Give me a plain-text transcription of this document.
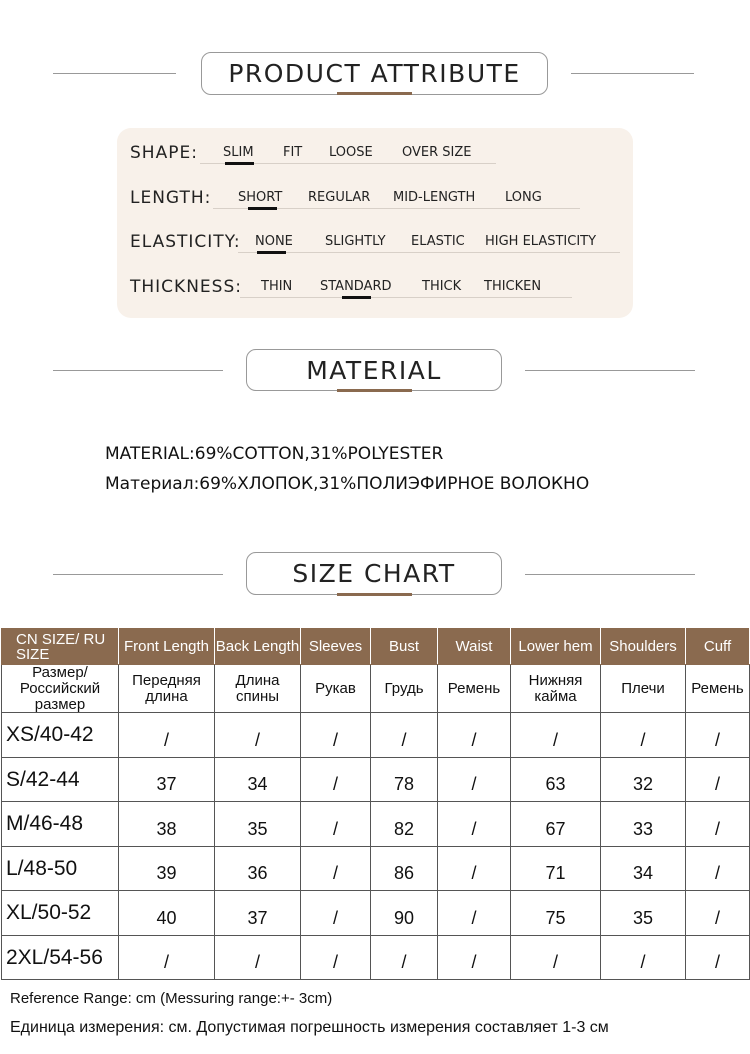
PRODUCT ATTRIBUTE
SHAPE: SLIM FIT LOOSE OVER SIZE
LENGTH: SHORT REGULAR MID-LENGTH LONG
ELASTICITY: NONE SLIGHTLY ELASTIC HIGH ELASTICITY
THICKNESS: THIN STANDARD THICK THICKEN
MATERIAL
MATERIAL:69%COTTON,31%POLYESTER
Материал:69%ХЛОПОК,31%ПОЛИЭФИРНОЕ ВОЛОКНО
SIZE CHART
CN SIZE/ RU SIZE	Front Length	Back Length	Sleeves	Bust	Waist	Lower hem	Shoulders	Cuff
Размер/ Российский размер	Передняя длина	Длина спины	Рукав	Грудь	Ремень	Нижняя кайма	Плечи	Ремень
XS/40-42	/	/	/	/	/	/	/	/
S/42-44	37	34	/	78	/	63	32	/
M/46-48	38	35	/	82	/	67	33	/
L/48-50	39	36	/	86	/	71	34	/
XL/50-52	40	37	/	90	/	75	35	/
2XL/54-56	/	/	/	/	/	/	/	/
Reference Range: cm (Messuring range:+- 3cm)
Единица измерения: см. Допустимая погрешность измерения составляет 1-3 см
